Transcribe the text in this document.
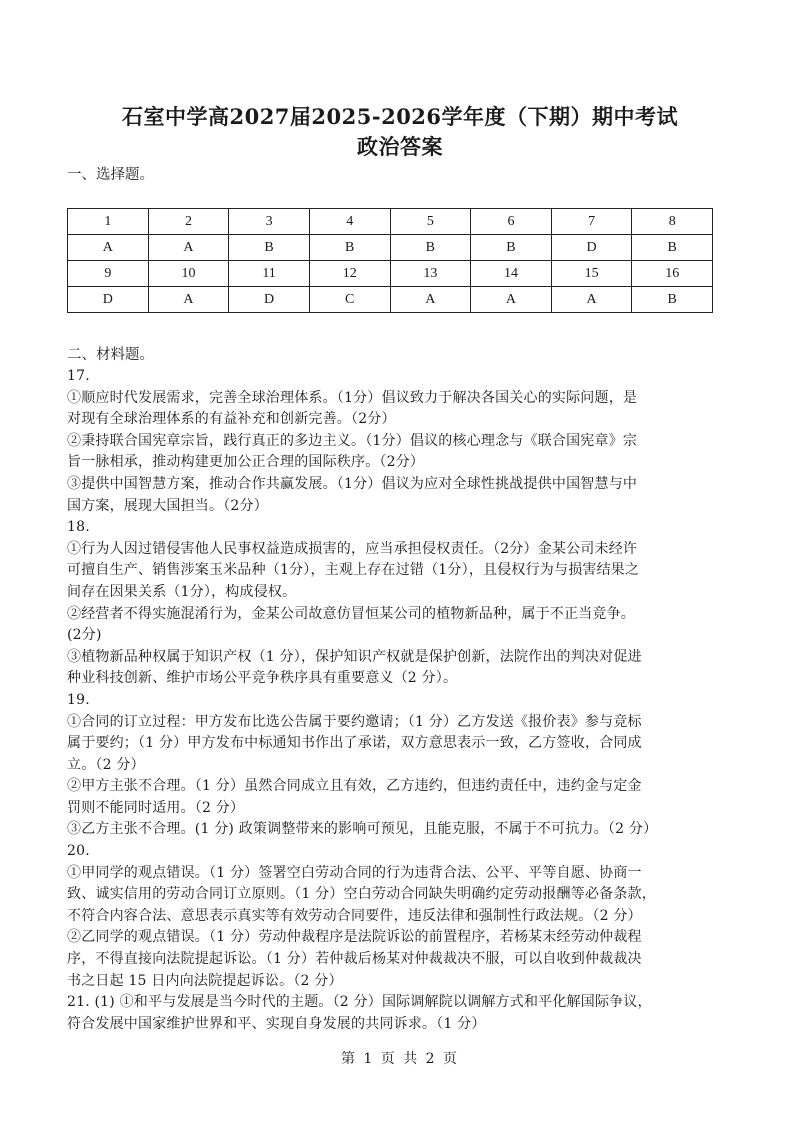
石室中学高2027届2025-2026学年度（下期）期中考试
政治答案
一、选择题。
1	2	3	4	5	6	7	8
A	A	B	B	B	B	D	B
9	10	11	12	13	14	15	16
D	A	D	C	A	A	A	B
二、材料题。
17.
①顺应时代发展需求，完善全球治理体系。（1分）倡议致力于解决各国关心的实际问题，是
对现有全球治理体系的有益补充和创新完善。（2分）
②秉持联合国宪章宗旨，践行真正的多边主义。（1分）倡议的核心理念与《联合国宪章》宗
旨一脉相承，推动构建更加公正合理的国际秩序。（2分）
③提供中国智慧方案，推动合作共赢发展。（1分）倡议为应对全球性挑战提供中国智慧与中
国方案，展现大国担当。（2分）
18.
①行为人因过错侵害他人民事权益造成损害的，应当承担侵权责任。（2分）金某公司未经许
可擅自生产、销售涉案玉米品种（1分），主观上存在过错（1分），且侵权行为与损害结果之
间存在因果关系（1分），构成侵权。
②经营者不得实施混淆行为，金某公司故意仿冒恒某公司的植物新品种，属于不正当竞争。
(2分)
③植物新品种权属于知识产权（1 分），保护知识产权就是保护创新，法院作出的判决对促进
种业科技创新、维护市场公平竞争秩序具有重要意义（2 分）。
19.
①合同的订立过程：甲方发布比选公告属于要约邀请；（1 分）乙方发送《报价表》参与竞标
属于要约；（1 分）甲方发布中标通知书作出了承诺，双方意思表示一致，乙方签收，合同成
立。（2 分）
②甲方主张不合理。（1 分）虽然合同成立且有效，乙方违约，但违约责任中，违约金与定金
罚则不能同时适用。（2 分）
③乙方主张不合理。(1 分) 政策调整带来的影响可预见，且能克服，不属于不可抗力。（2 分）
20.
①甲同学的观点错误。（1 分）签署空白劳动合同的行为违背合法、公平、平等自愿、协商一
致、诚实信用的劳动合同订立原则。（1 分）空白劳动合同缺失明确约定劳动报酬等必备条款，
不符合内容合法、意思表示真实等有效劳动合同要件，违反法律和强制性行政法规。（2 分）
②乙同学的观点错误。（1 分）劳动仲裁程序是法院诉讼的前置程序，若杨某未经劳动仲裁程
序，不得直接向法院提起诉讼。（1 分）若仲裁后杨某对仲裁裁决不服，可以自收到仲裁裁决
书之日起 15 日内向法院提起诉讼。（2 分）
21. (1) ①和平与发展是当今时代的主题。（2 分）国际调解院以调解方式和平化解国际争议，
符合发展中国家维护世界和平、实现自身发展的共同诉求。（1 分）
第 1 页 共 2 页
